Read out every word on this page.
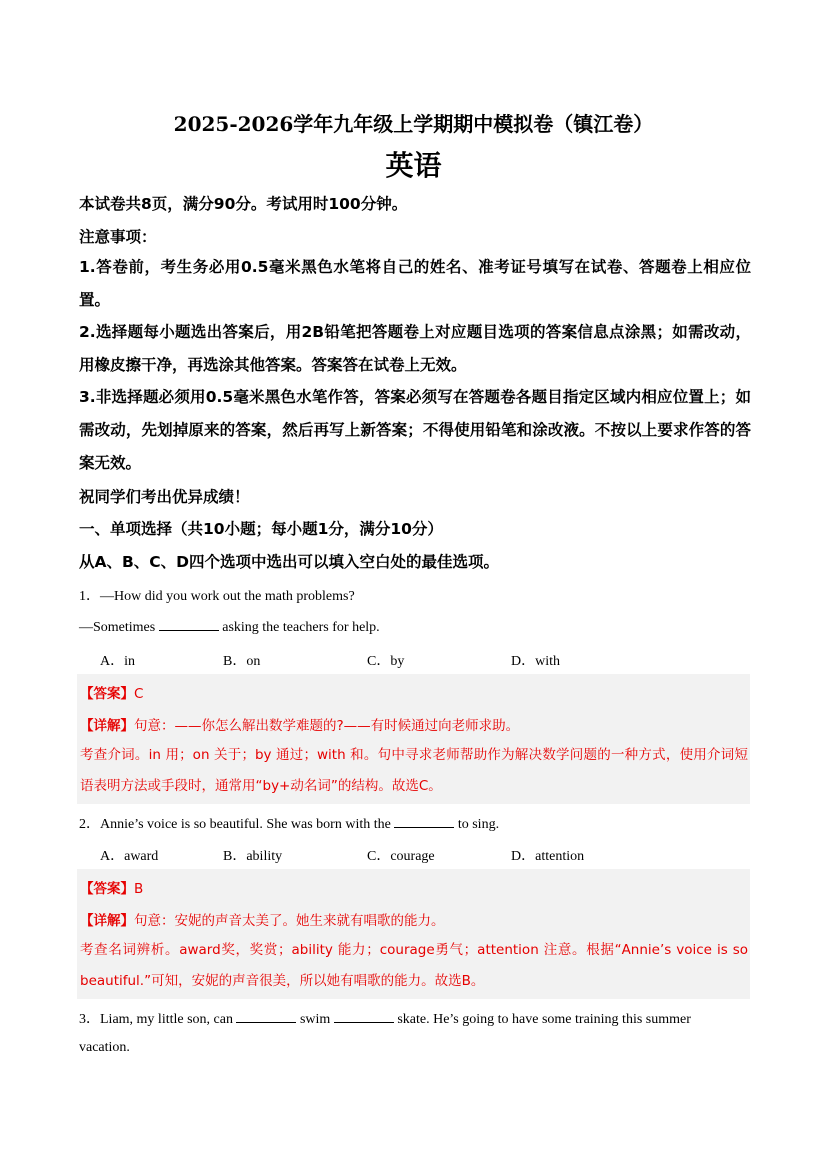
2025-2026学年九年级上学期期中模拟卷（镇江卷）
英语
本试卷共8页，满分90分。考试用时100分钟。
注意事项：
1.答卷前，考生务必用0.5毫米黑色水笔将自己的姓名、准考证号填写在试卷、答题卷上相应位置。
2.选择题每小题选出答案后，用2B铅笔把答题卷上对应题目选项的答案信息点涂黑；如需改动，用橡皮擦干净，再选涂其他答案。答案答在试卷上无效。
3.非选择题必须用0.5毫米黑色水笔作答，答案必须写在答题卷各题目指定区域内相应位置上；如需改动，先划掉原来的答案，然后再写上新答案；不得使用铅笔和涂改液。不按以上要求作答的答案无效。
祝同学们考出优异成绩！
一、单项选择（共10小题；每小题1分，满分10分）
从A、B、C、D四个选项中选出可以填入空白处的最佳选项。
1．—How did you work out the math problems?
—Sometimes	asking the teachers for help.
A．in	B．on	C．by	D．with
【答案】C
【详解】句意：——你怎么解出数学难题的?——有时候通过向老师求助。
考查介词。in 用；on 关于；by 通过；with 和。句中寻求老师帮助作为解决数学问题的一种方式，使用介词短语表明方法或手段时，通常用“by+动名词”的结构。故选C。
2．Annie’s voice is so beautiful. She was born with the	to sing.
A．award	B．ability	C．courage	D．attention
【答案】B
【详解】句意：安妮的声音太美了。她生来就有唱歌的能力。
考查名词辨析。award奖，奖赏；ability 能力；courage勇气；attention 注意。根据“Annie’s voice is so beautiful.”可知，安妮的声音很美，所以她有唱歌的能力。故选B。
3．Liam, my little son, can	swim	skate. He’s going to have some training this summer
vacation.
